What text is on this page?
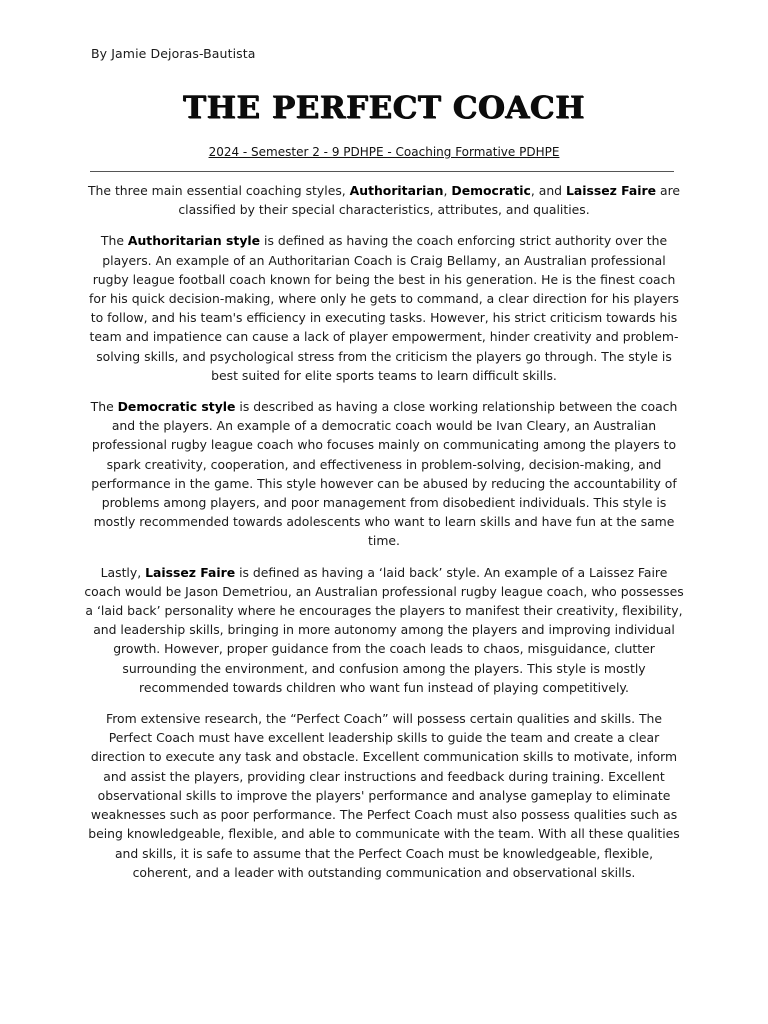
By Jamie Dejoras-Bautista
THE PERFECT COACH
2024 - Semester 2 - 9 PDHPE - Coaching Formative PDHPE

The three main essential coaching styles, Authoritarian, Democratic, and Laissez Faire are classified by their special characteristics, attributes, and qualities.

The Authoritarian style is defined as having the coach enforcing strict authority over the players. An example of an Authoritarian Coach is Craig Bellamy, an Australian professional rugby league football coach known for being the best in his generation. He is the finest coach for his quick decision-making, where only he gets to command, a clear direction for his players to follow, and his team's efficiency in executing tasks. However, his strict criticism towards his team and impatience can cause a lack of player empowerment, hinder creativity and problem-solving skills, and psychological stress from the criticism the players go through. The style is best suited for elite sports teams to learn difficult skills.

The Democratic style is described as having a close working relationship between the coach and the players. An example of a democratic coach would be Ivan Cleary, an Australian professional rugby league coach who focuses mainly on communicating among the players to spark creativity, cooperation, and effectiveness in problem-solving, decision-making, and performance in the game. This style however can be abused by reducing the accountability of problems among players, and poor management from disobedient individuals. This style is mostly recommended towards adolescents who want to learn skills and have fun at the same time.

Lastly, Laissez Faire is defined as having a ‘laid back’ style. An example of a Laissez Faire coach would be Jason Demetriou, an Australian professional rugby league coach, who possesses a ‘laid back’ personality where he encourages the players to manifest their creativity, flexibility, and leadership skills, bringing in more autonomy among the players and improving individual growth. However, proper guidance from the coach leads to chaos, misguidance, clutter surrounding the environment, and confusion among the players. This style is mostly recommended towards children who want fun instead of playing competitively.

From extensive research, the “Perfect Coach” will possess certain qualities and skills. The Perfect Coach must have excellent leadership skills to guide the team and create a clear direction to execute any task and obstacle. Excellent communication skills to motivate, inform and assist the players, providing clear instructions and feedback during training. Excellent observational skills to improve the players' performance and analyse gameplay to eliminate weaknesses such as poor performance. The Perfect Coach must also possess qualities such as being knowledgeable, flexible, and able to communicate with the team. With all these qualities and skills, it is safe to assume that the Perfect Coach must be knowledgeable, flexible, coherent, and a leader with outstanding communication and observational skills.
